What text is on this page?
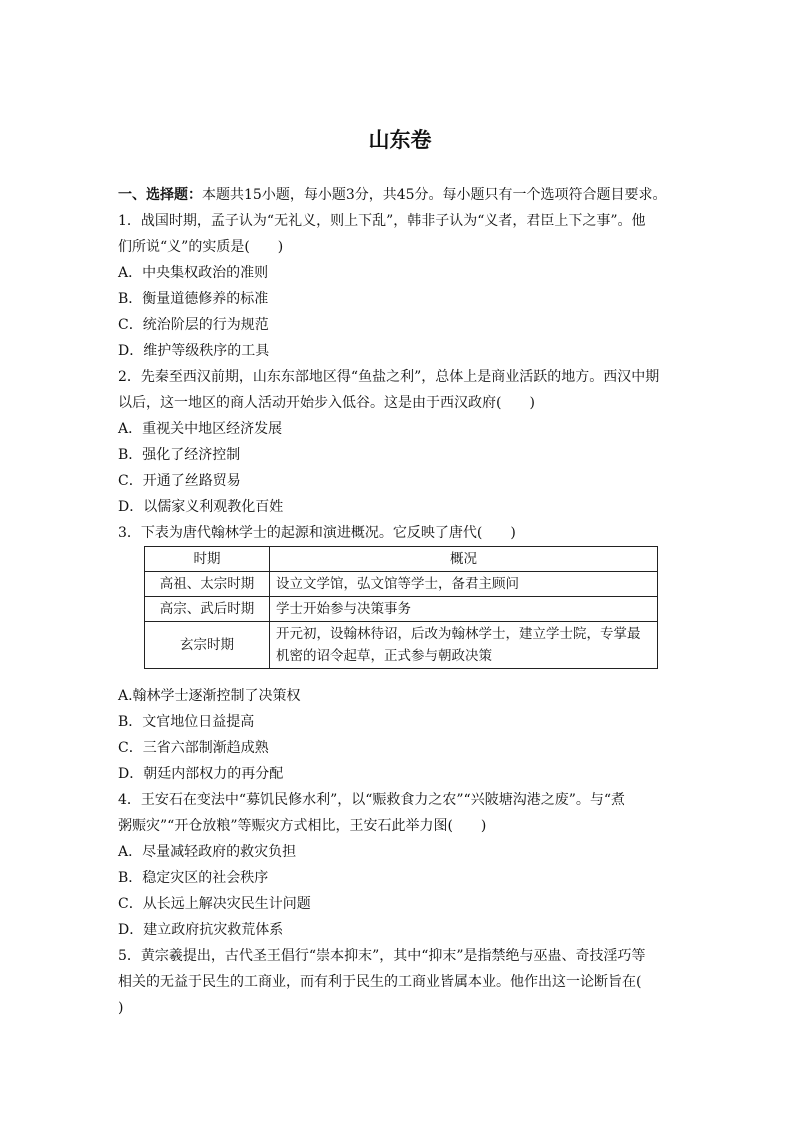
山东卷
一、选择题：本题共15小题，每小题3分，共45分。每小题只有一个选项符合题目要求。
1．战国时期，孟子认为“无礼义，则上下乱”，韩非子认为“义者，君臣上下之事”。他
们所说“义”的实质是(　　)
A．中央集权政治的准则
B．衡量道德修养的标准
C．统治阶层的行为规范
D．维护等级秩序的工具
2．先秦至西汉前期，山东东部地区得“鱼盐之利”，总体上是商业活跃的地方。西汉中期
以后，这一地区的商人活动开始步入低谷。这是由于西汉政府(　　)
A．重视关中地区经济发展
B．强化了经济控制
C．开通了丝路贸易
D．以儒家义利观教化百姓
3．下表为唐代翰林学士的起源和演进概况。它反映了唐代(　　)
时期	概况
高祖、太宗时期	设立文学馆，弘文馆等学士，备君主顾问
高宗、武后时期	学士开始参与决策事务
玄宗时期	开元初，设翰林待诏，后改为翰林学士，建立学士院，专掌最
机密的诏令起草，正式参与朝政决策
A.翰林学士逐渐控制了决策权
B．文官地位日益提高
C．三省六部制渐趋成熟
D．朝廷内部权力的再分配
4．王安石在变法中“募饥民修水利”，以“赈救食力之农”“兴陂塘沟港之废”。与“煮
粥赈灾”“开仓放粮”等赈灾方式相比，王安石此举力图(　　)
A．尽量减轻政府的救灾负担
B．稳定灾区的社会秩序
C．从长远上解决灾民生计问题
D．建立政府抗灾救荒体系
5．黄宗羲提出，古代圣王倡行“崇本抑末”，其中“抑末”是指禁绝与巫蛊、奇技淫巧等
相关的无益于民生的工商业，而有利于民生的工商业皆属本业。他作出这一论断旨在(
)
